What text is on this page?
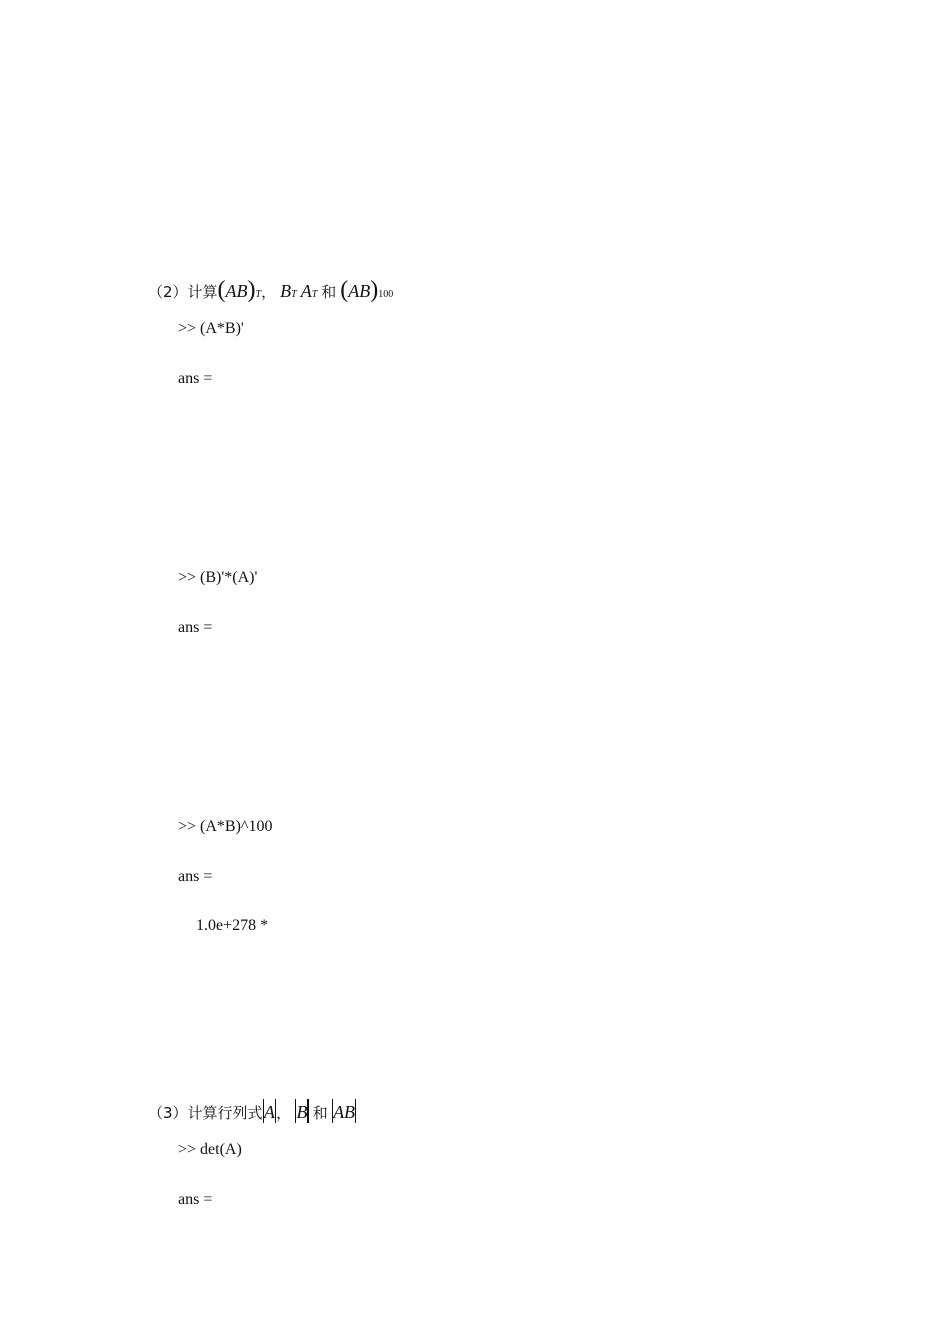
（2）计算(AB)T， BT AT 和 (AB)100
>> (A*B)'
ans =
>> (B)'*(A)'
ans =
>> (A*B)^100
ans =
1.0e+278 *
（3）计算行列式A， B 和 AB
>> det(A)
ans =
